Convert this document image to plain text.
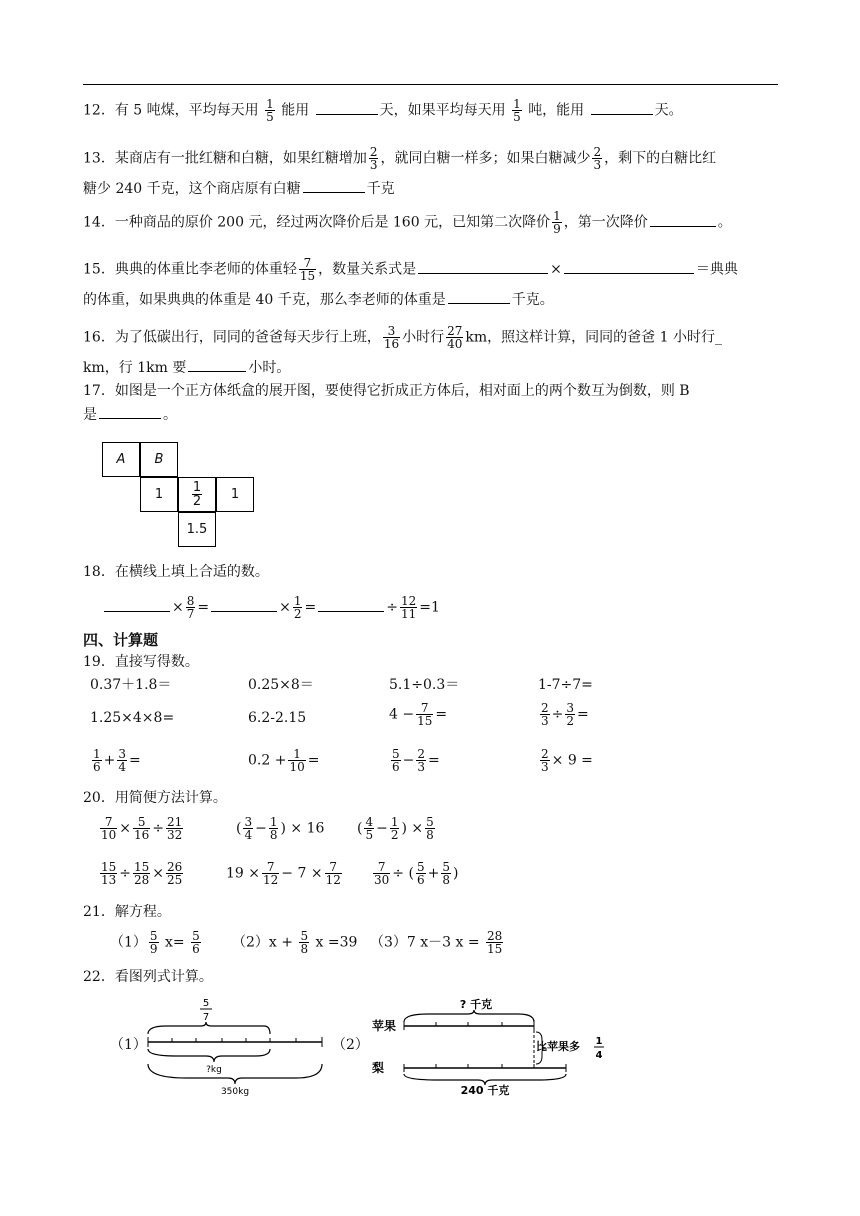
12．有 5 吨煤，平均每天用 $\frac{1}{5}$ 能用	天，如果平均每天用 $\frac{1}{5}$ 吨，能用	天。
13．某商店有一批红糖和白糖，如果红糖增加 $\frac{2}{3}$ ，就同白糖一样多；如果白糖减少 $\frac{2}{3}$ ，剩下的白糖比红
糖少 240 千克，这个商店原有白糖	千克
14．一种商品的原价 200 元，经过两次降价后是 160 元，已知第二次降价 $\frac{1}{9}$ ，第一次降价	。
15．典典的体重比李老师的体重轻 $\frac{7}{15}$ ，数量关系式是	×	＝典典
的体重，如果典典的体重是 40 千克，那么李老师的体重是	千克。
16．为了低碳出行，同同的爸爸每天步行上班， $\frac{3}{16}$ 小时行 $\frac{27}{40}$ km，照这样计算，同同的爸爸 1 小时行_
km，行 1km 要	小时。
17．如图是一个正方体纸盒的展开图，要使得它折成正方体后，相对面上的两个数互为倒数，则 B
是	。
A B
$1 \frac{1}{2} 1$
1.5
18．在横线上填上合适的数。
× $\frac{8}{7}$ =	× $\frac{1}{2}$ =	÷ $\frac{12}{11} =1$
四、计算题
19．直接写得数。
0.37＋1.8＝	0.25×8＝	5.1÷0.3＝	1-7÷7=
1.25×4×8=	6.2-2.15	$4 - \frac{7}{15}$ =	$\frac{2}{3} \div \frac{3}{2}$ =
$\frac{1}{6} + \frac{3}{4}$ =	$0.2 + \frac{1}{10}$ =	$\frac{5}{6} - \frac{2}{3}$ =	$\frac{2}{3} \times 9$ =
20．用简便方法计算。
$\frac{7}{10} \times \frac{5}{16} \div \frac{21}{32}$	( $\frac{3}{4} - \frac{1}{8}$ ) × 16 ( $\frac{4}{5} - \frac{1}{2}$ ) × $\frac{5}{8}$
$\frac{15}{13} \div \frac{15}{28} \times \frac{26}{25}$	$19 \times \frac{7}{12} - 7 \times \frac{7}{12}$	$\frac{7}{30}$ ÷ ( $\frac{5}{6} + \frac{5}{8}$ )
21．解方程。
$(1) \frac{5}{9} x= \frac{5}{6} (2)x + \frac{5}{8}$ x =39 （3）7 x－3 $x = \frac{28}{15}$
22．看图列式计算。
（1）	（2）
5
7
?kg
350kg
? 千克
苹果
比苹果多 1
4
梨
240 千克
